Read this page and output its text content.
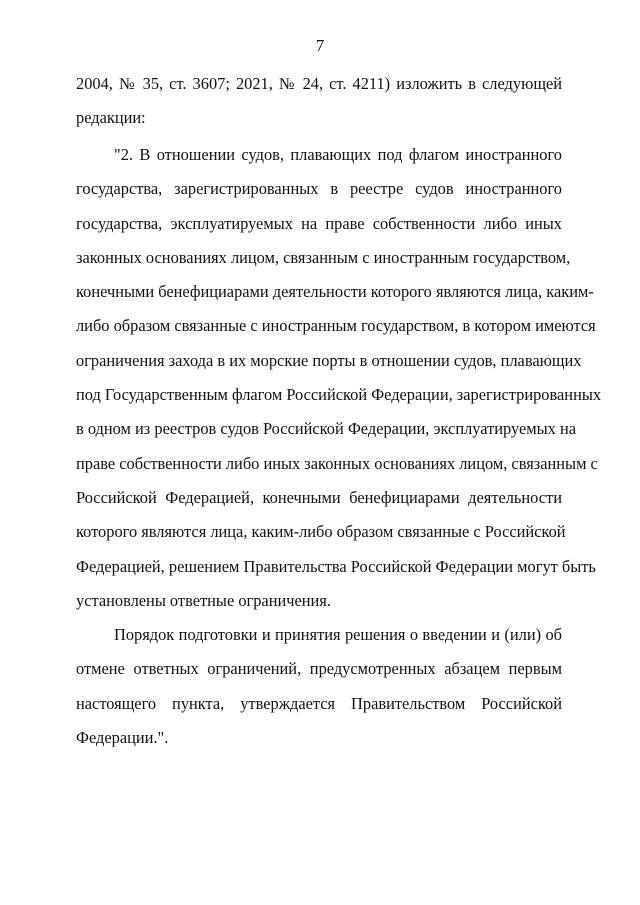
7
2004, № 35, ст. 3607; 2021, № 24, ст. 4211) изложить в следующей
редакции:
"2. В отношении судов, плавающих под флагом иностранного
государства, зарегистрированных в реестре судов иностранного
государства, эксплуатируемых на праве собственности либо иных
законных основаниях лицом, связанным с иностранным государством,
конечными бенефициарами деятельности которого являются лица, каким-
либо образом связанные с иностранным государством, в котором имеются
ограничения захода в их морские порты в отношении судов, плавающих
под Государственным флагом Российской Федерации, зарегистрированных
в одном из реестров судов Российской Федерации, эксплуатируемых на
праве собственности либо иных законных основаниях лицом, связанным с
Российской Федерацией, конечными бенефициарами деятельности
которого являются лица, каким-либо образом связанные с Российской
Федерацией, решением Правительства Российской Федерации могут быть
установлены ответные ограничения.
Порядок подготовки и принятия решения о введении и (или) об
отмене ответных ограничений, предусмотренных абзацем первым
настоящего пункта, утверждается Правительством Российской
Федерации.".
